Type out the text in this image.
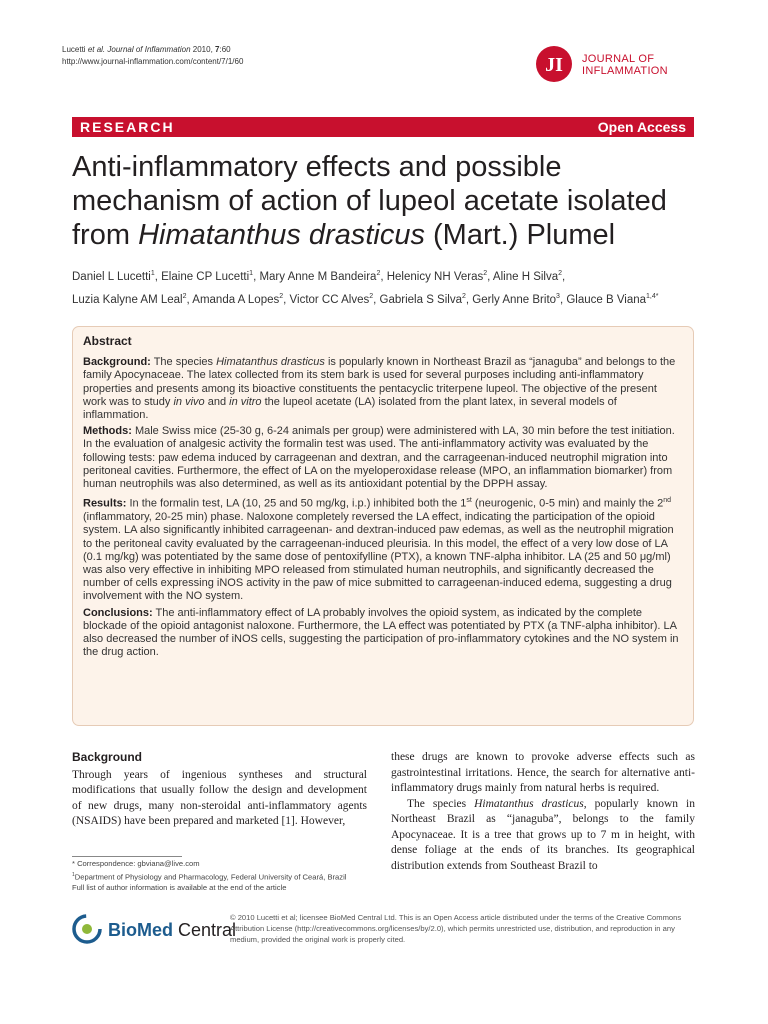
Lucetti et al. Journal of Inflammation 2010, 7:60
http://www.journal-inflammation.com/content/7/1/60	JI JOURNAL OF
INFLAMMATION
RESEARCH	Open Access
Anti-inflammatory effects and possible mechanism of action of lupeol acetate isolated from Himatanthus drasticus (Mart.) Plumel
Daniel L Lucetti$^1$, Elaine CP Lucetti$^1$, Mary Anne M Bandeira$^2$, Helenicy NH Veras$^2$, Aline H Silva$^2$,
Luzia Kalyne AM Leal$^2$, Amanda A Lopes$^2$, Victor CC Alves$^2$, Gabriela S Silva$^2$, Gerly Anne Brito$^3$, Glauce B Viana$^{1,4*}$
Abstract

Background: The species Himatanthus drasticus is popularly known in Northeast Brazil as “janaguba” and belongs to the family Apocynaceae. The latex collected from its stem bark is used for several purposes including anti-inflammatory properties and presents among its bioactive constituents the pentacyclic triterpene lupeol. The objective of the present work was to study in vivo and in vitro the lupeol acetate (LA) isolated from the plant latex, in several models of inflammation.

Methods: Male Swiss mice (25-30 g, 6-24 animals per group) were administered with LA, 30 min before the test initiation. In the evaluation of analgesic activity the formalin test was used. The anti-inflammatory activity was evaluated by the following tests: paw edema induced by carrageenan and dextran, and the carrageenan-induced neutrophil migration into peritoneal cavities. Furthermore, the effect of LA on the myeloperoxidase release (MPO, an inflammation biomarker) from human neutrophils was also determined, as well as its antioxidant potential by the DPPH assay.

Results: In the formalin test, LA (10, 25 and 50 mg/kg, i.p.) inhibited both the 1st (neurogenic, 0-5 min) and mainly the 2nd (inflammatory, 20-25 min) phase. Naloxone completely reversed the LA effect, indicating the participation of the opioid system. LA also significantly inhibited carrageenan- and dextran-induced paw edemas, as well as the neutrophil migration to the peritoneal cavity evaluated by the carrageenan-induced pleurisia. In this model, the effect of a very low dose of LA (0.1 mg/kg) was potentiated by the same dose of pentoxifylline (PTX), a known TNF-alpha inhibitor. LA (25 and 50 μg/ml) was also very effective in inhibiting MPO released from stimulated human neutrophils, and significantly decreased the number of cells expressing iNOS activity in the paw of mice submitted to carrageenan-induced edema, suggesting a drug involvement with the NO system.

Conclusions: The anti-inflammatory effect of LA probably involves the opioid system, as indicated by the complete blockade of the opioid antagonist naloxone. Furthermore, the LA effect was potentiated by PTX (a TNF-alpha inhibitor). LA also decreased the number of iNOS cells, suggesting the participation of pro-inflammatory cytokines and the NO system in the drug action.

Background

Through years of ingenious syntheses and structural modifications that usually follow the design and development of new drugs, many non-steroidal anti-inflammatory agents (NSAIDS) have been prepared and marketed [1]. However,

these drugs are known to provoke adverse effects such as gastrointestinal irritations. Hence, the search for alternative anti-inflammatory drugs mainly from natural herbs is required.

The species Himatanthus drasticus, popularly known in Northeast Brazil as “janaguba”, belongs to the family Apocynaceae. It is a tree that grows up to 7 m in height, with dense foliage at the ends of its branches. Its geographical distribution extends from Southeast Brazil to

* Correspondence: gbviana@live.com
$^1$Department of Physiology and Pharmacology, Federal University of Ceará, Brazil
Full list of author information is available at the end of the article
BioMed Central
© 2010 Lucetti et al; licensee BioMed Central Ltd. This is an Open Access article distributed under the terms of the Creative Commons Attribution License (http://creativecommons.org/licenses/by/2.0), which permits unrestricted use, distribution, and reproduction in any medium, provided the original work is properly cited.
